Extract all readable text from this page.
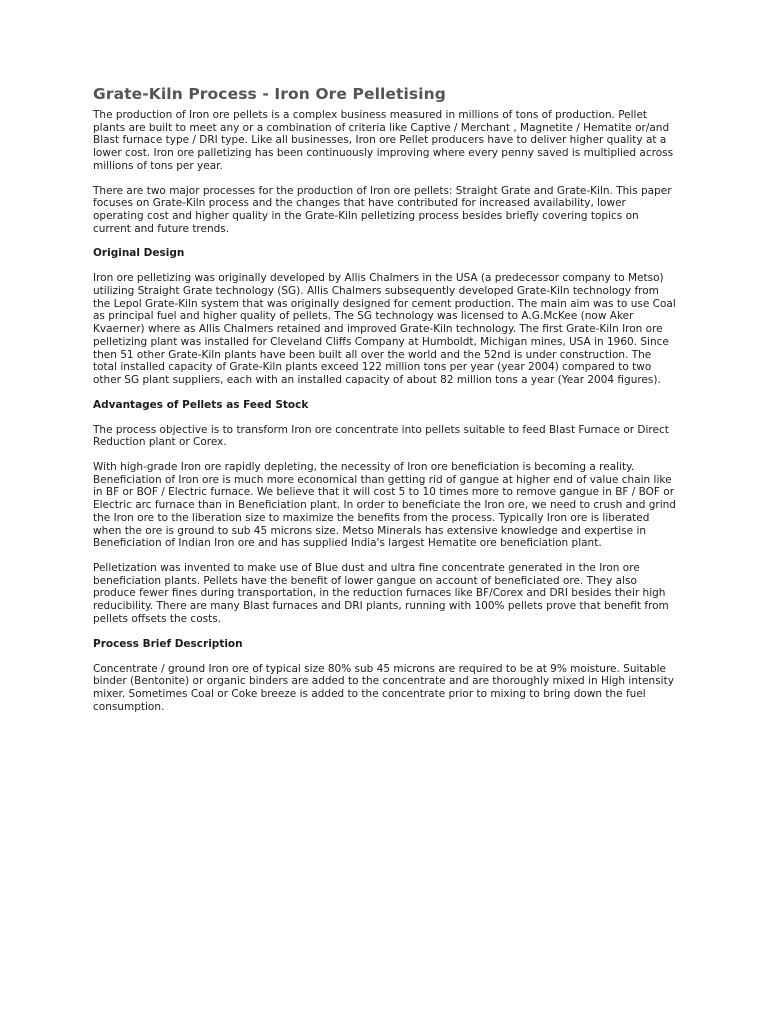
Grate-Kiln Process - Iron Ore Pelletising

The production of Iron ore pellets is a complex business measured in millions of tons of production. Pellet plants are built to meet any or a combination of criteria like Captive / Merchant , Magnetite / Hematite or/and Blast furnace type / DRI type. Like all businesses, Iron ore Pellet producers have to deliver higher quality at a lower cost. Iron ore palletizing has been continuously improving where every penny saved is multiplied across millions of tons per year.

There are two major processes for the production of Iron ore pellets: Straight Grate and Grate-Kiln. This paper focuses on Grate-Kiln process and the changes that have contributed for increased availability, lower operating cost and higher quality in the Grate-Kiln pelletizing process besides briefly covering topics on current and future trends.

Original Design

Iron ore pelletizing was originally developed by Allis Chalmers in the USA (a predecessor company to Metso) utilizing Straight Grate technology (SG). Allis Chalmers subsequently developed Grate-Kiln technology from the Lepol Grate-Kiln system that was originally designed for cement production. The main aim was to use Coal as principal fuel and higher quality of pellets. The SG technology was licensed to A.G.McKee (now Aker Kvaerner) where as Allis Chalmers retained and improved Grate-Kiln technology. The first Grate-Kiln Iron ore pelletizing plant was installed for Cleveland Cliffs Company at Humboldt, Michigan mines, USA in 1960. Since then 51 other Grate-Kiln plants have been built all over the world and the 52nd is under construction. The total installed capacity of Grate-Kiln plants exceed 122 million tons per year (year 2004) compared to two other SG plant suppliers, each with an installed capacity of about 82 million tons a year (Year 2004 figures).

Advantages of Pellets as Feed Stock

The process objective is to transform Iron ore concentrate into pellets suitable to feed Blast Furnace or Direct Reduction plant or Corex.

With high-grade Iron ore rapidly depleting, the necessity of Iron ore beneficiation is becoming a reality. Beneficiation of Iron ore is much more economical than getting rid of gangue at higher end of value chain like in BF or BOF / Electric furnace. We believe that it will cost 5 to 10 times more to remove gangue in BF / BOF or Electric arc furnace than in Beneficiation plant. In order to beneficiate the Iron ore, we need to crush and grind the Iron ore to the liberation size to maximize the benefits from the process. Typically Iron ore is liberated when the ore is ground to sub 45 microns size. Metso Minerals has extensive knowledge and expertise in Beneficiation of Indian Iron ore and has supplied India's largest Hematite ore beneficiation plant.

Pelletization was invented to make use of Blue dust and ultra fine concentrate generated in the Iron ore beneficiation plants. Pellets have the benefit of lower gangue on account of beneficiated ore. They also produce fewer fines during transportation, in the reduction furnaces like BF/Corex and DRI besides their high reducibility. There are many Blast furnaces and DRI plants, running with 100% pellets prove that benefit from pellets offsets the costs.

Process Brief Description

Concentrate / ground Iron ore of typical size 80% sub 45 microns are required to be at 9% moisture. Suitable binder (Bentonite) or organic binders are added to the concentrate and are thoroughly mixed in High intensity mixer. Sometimes Coal or Coke breeze is added to the concentrate prior to mixing to bring down the fuel consumption.
